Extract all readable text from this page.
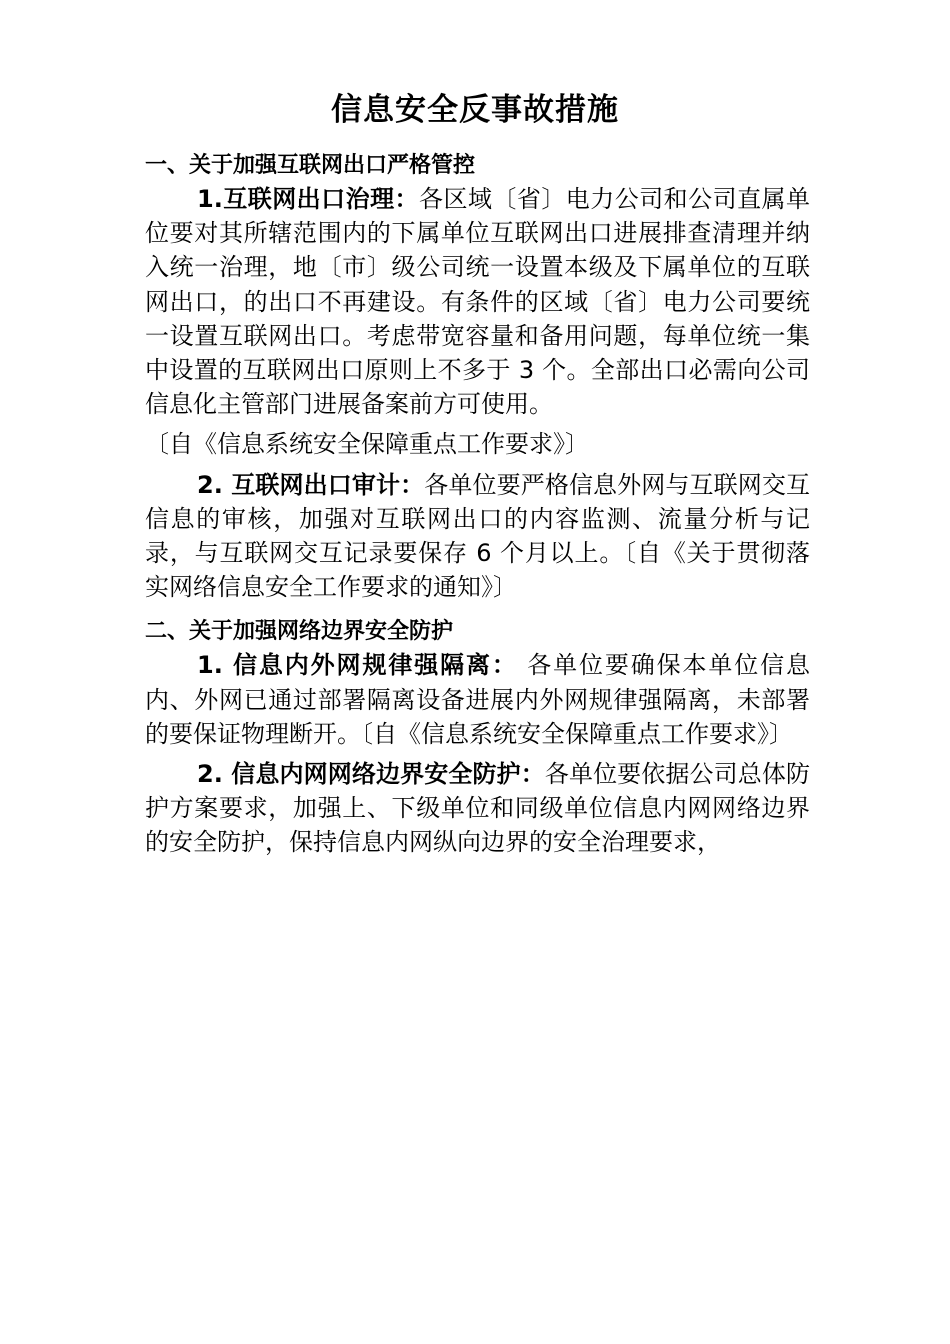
信息安全反事故措施

一、关于加强互联网出口严格管控

1.互联网出口治理：各区域〔省〕电力公司和公司直属单位要对其所辖范围内的下属单位互联网出口进展排查清理并纳入统一治理，地〔市〕级公司统一设置本级及下属单位的互联网出口，的出口不再建设。有条件的区域〔省〕电力公司要统一设置互联网出口。考虑带宽容量和备用问题，每单位统一集中设置的互联网出口原则上不多于 3 个。全部出口必需向公司信息化主管部门进展备案前方可使用。

〔自《信息系统安全保障重点工作要求》〕

2. 互联网出口审计：各单位要严格信息外网与互联网交互信息的审核，加强对互联网出口的内容监测、流量分析与记录，与互联网交互记录要保存 6 个月以上。〔自《关于贯彻落实网络信息安全工作要求的通知》〕

二、关于加强网络边界安全防护

1. 信息内外网规律强隔离： 各单位要确保本单位信息内、外网已通过部署隔离设备进展内外网规律强隔离，未部署的要保证物理断开。〔自《信息系统安全保障重点工作要求》〕

2. 信息内网网络边界安全防护：各单位要依据公司总体防护方案要求，加强上、下级单位和同级单位信息内网网络边界的安全防护，保持信息内网纵向边界的安全治理要求，
